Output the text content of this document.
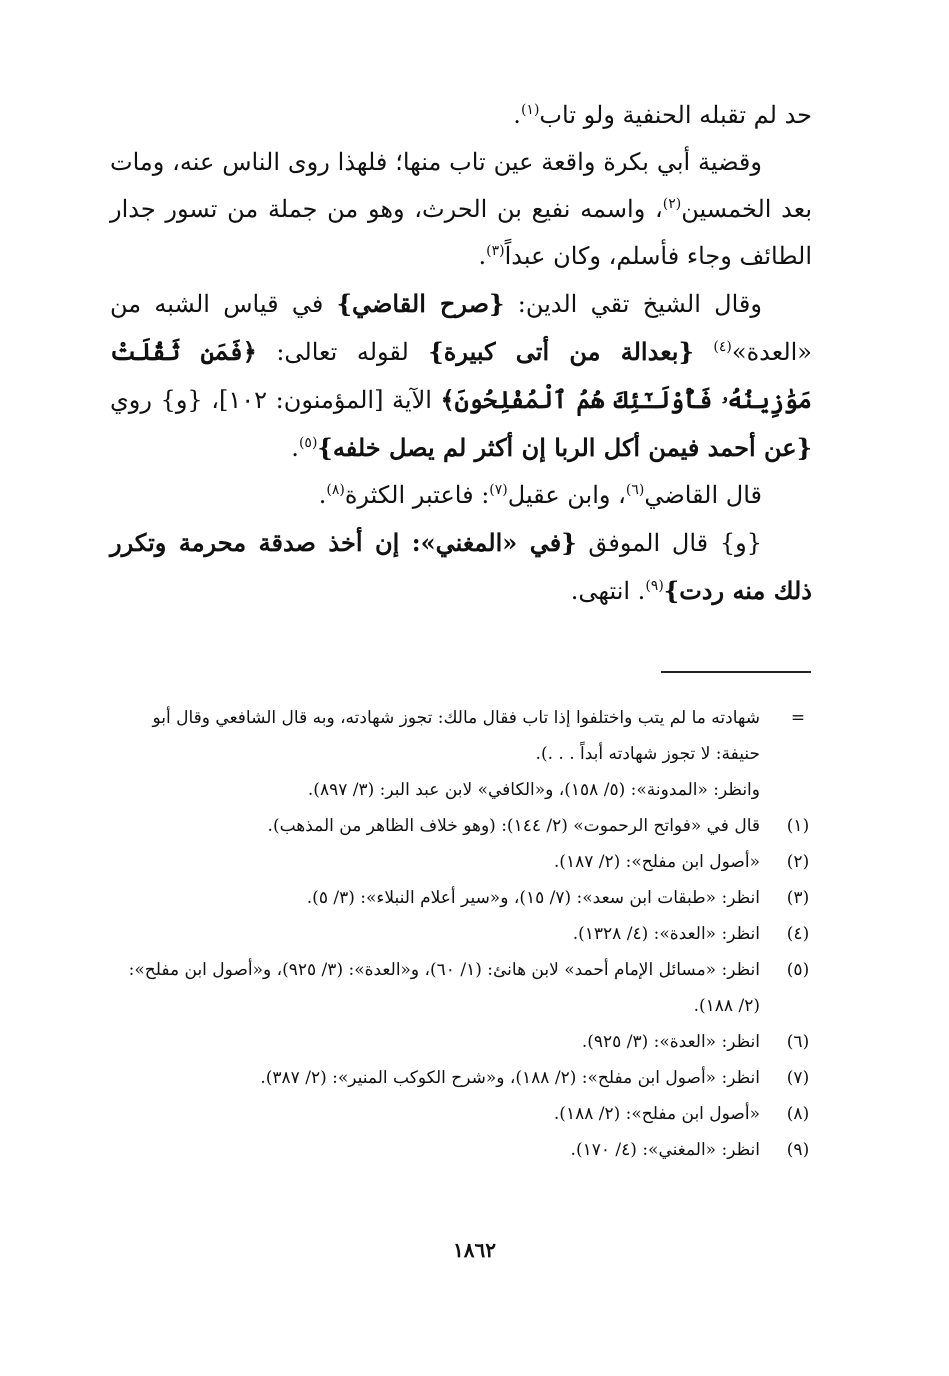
حد لم تقبله الحنفية ولو تاب$^{(١)}$.

وقضية أبي بكرة واقعة عين تاب منها؛ فلهذا روى الناس عنه، ومات بعد الخمسين$^{(٢)}$، واسمه نفيع بن الحرث، وهو من جملة من تسور جدار الطائف وجاء فأسلم، وكان عبداً$^{(٣)}$.

وقال الشيخ تقي الدين: {صرح القاضي} في قياس الشبه من «العدة»$^{(٤)}$ {بعدالة من أتى كبيرة} لقوله تعالى: ﴿فَمَن ثَقُلَتْ مَوَٰزِينُهُۥ فَأُوْلَـٰٓئِكَ هُمُ ٱلْمُفْلِحُونَ﴾ الآية [المؤمنون: ١٠٢]، {و} روي {عن أحمد فيمن أكل الربا إن أكثر لم يصل خلفه}$^{(٥)}$.

قال القاضي$^{(٦)}$، وابن عقيل$^{(٧)}$: فاعتبر الكثرة$^{(٨)}$.

{و} قال الموفق {في «المغني»: إن أخذ صدقة محرمة وتكرر ذلك منه ردت}$^{(٩)}$. انتهى.

=
شهادته ما لم يتب واختلفوا إذا تاب فقال مالك: تجوز شهادته، وبه قال الشافعي وقال أبو حنيفة: لا تجوز شهادته أبداً . . .).
وانظر: «المدونة»: (٥/ ١٥٨)، و«الكافي» لابن عبد البر: (٣/ ٨٩٧).
(١)
قال في «فواتح الرحموت» (٢/ ١٤٤): (وهو خلاف الظاهر من المذهب).
(٢)
«أصول ابن مفلح»: (٢/ ١٨٧).
(٣)
انظر: «طبقات ابن سعد»: (٧/ ١٥)، و«سير أعلام النبلاء»: (٣/ ٥).
(٤)
انظر: «العدة»: (٤/ ١٣٢٨).
(٥)
انظر: «مسائل الإمام أحمد» لابن هانئ: (١/ ٦٠)، و«العدة»: (٣/ ٩٢٥)، و«أصول ابن مفلح»: (٢/ ١٨٨).
(٦)
انظر: «العدة»: (٣/ ٩٢٥).
(٧)
انظر: «أصول ابن مفلح»: (٢/ ١٨٨)، و«شرح الكوكب المنير»: (٢/ ٣٨٧).
(٨)
«أصول ابن مفلح»: (٢/ ١٨٨).
(٩)
انظر: «المغني»: (٤/ ١٧٠).
١٨٦٢
